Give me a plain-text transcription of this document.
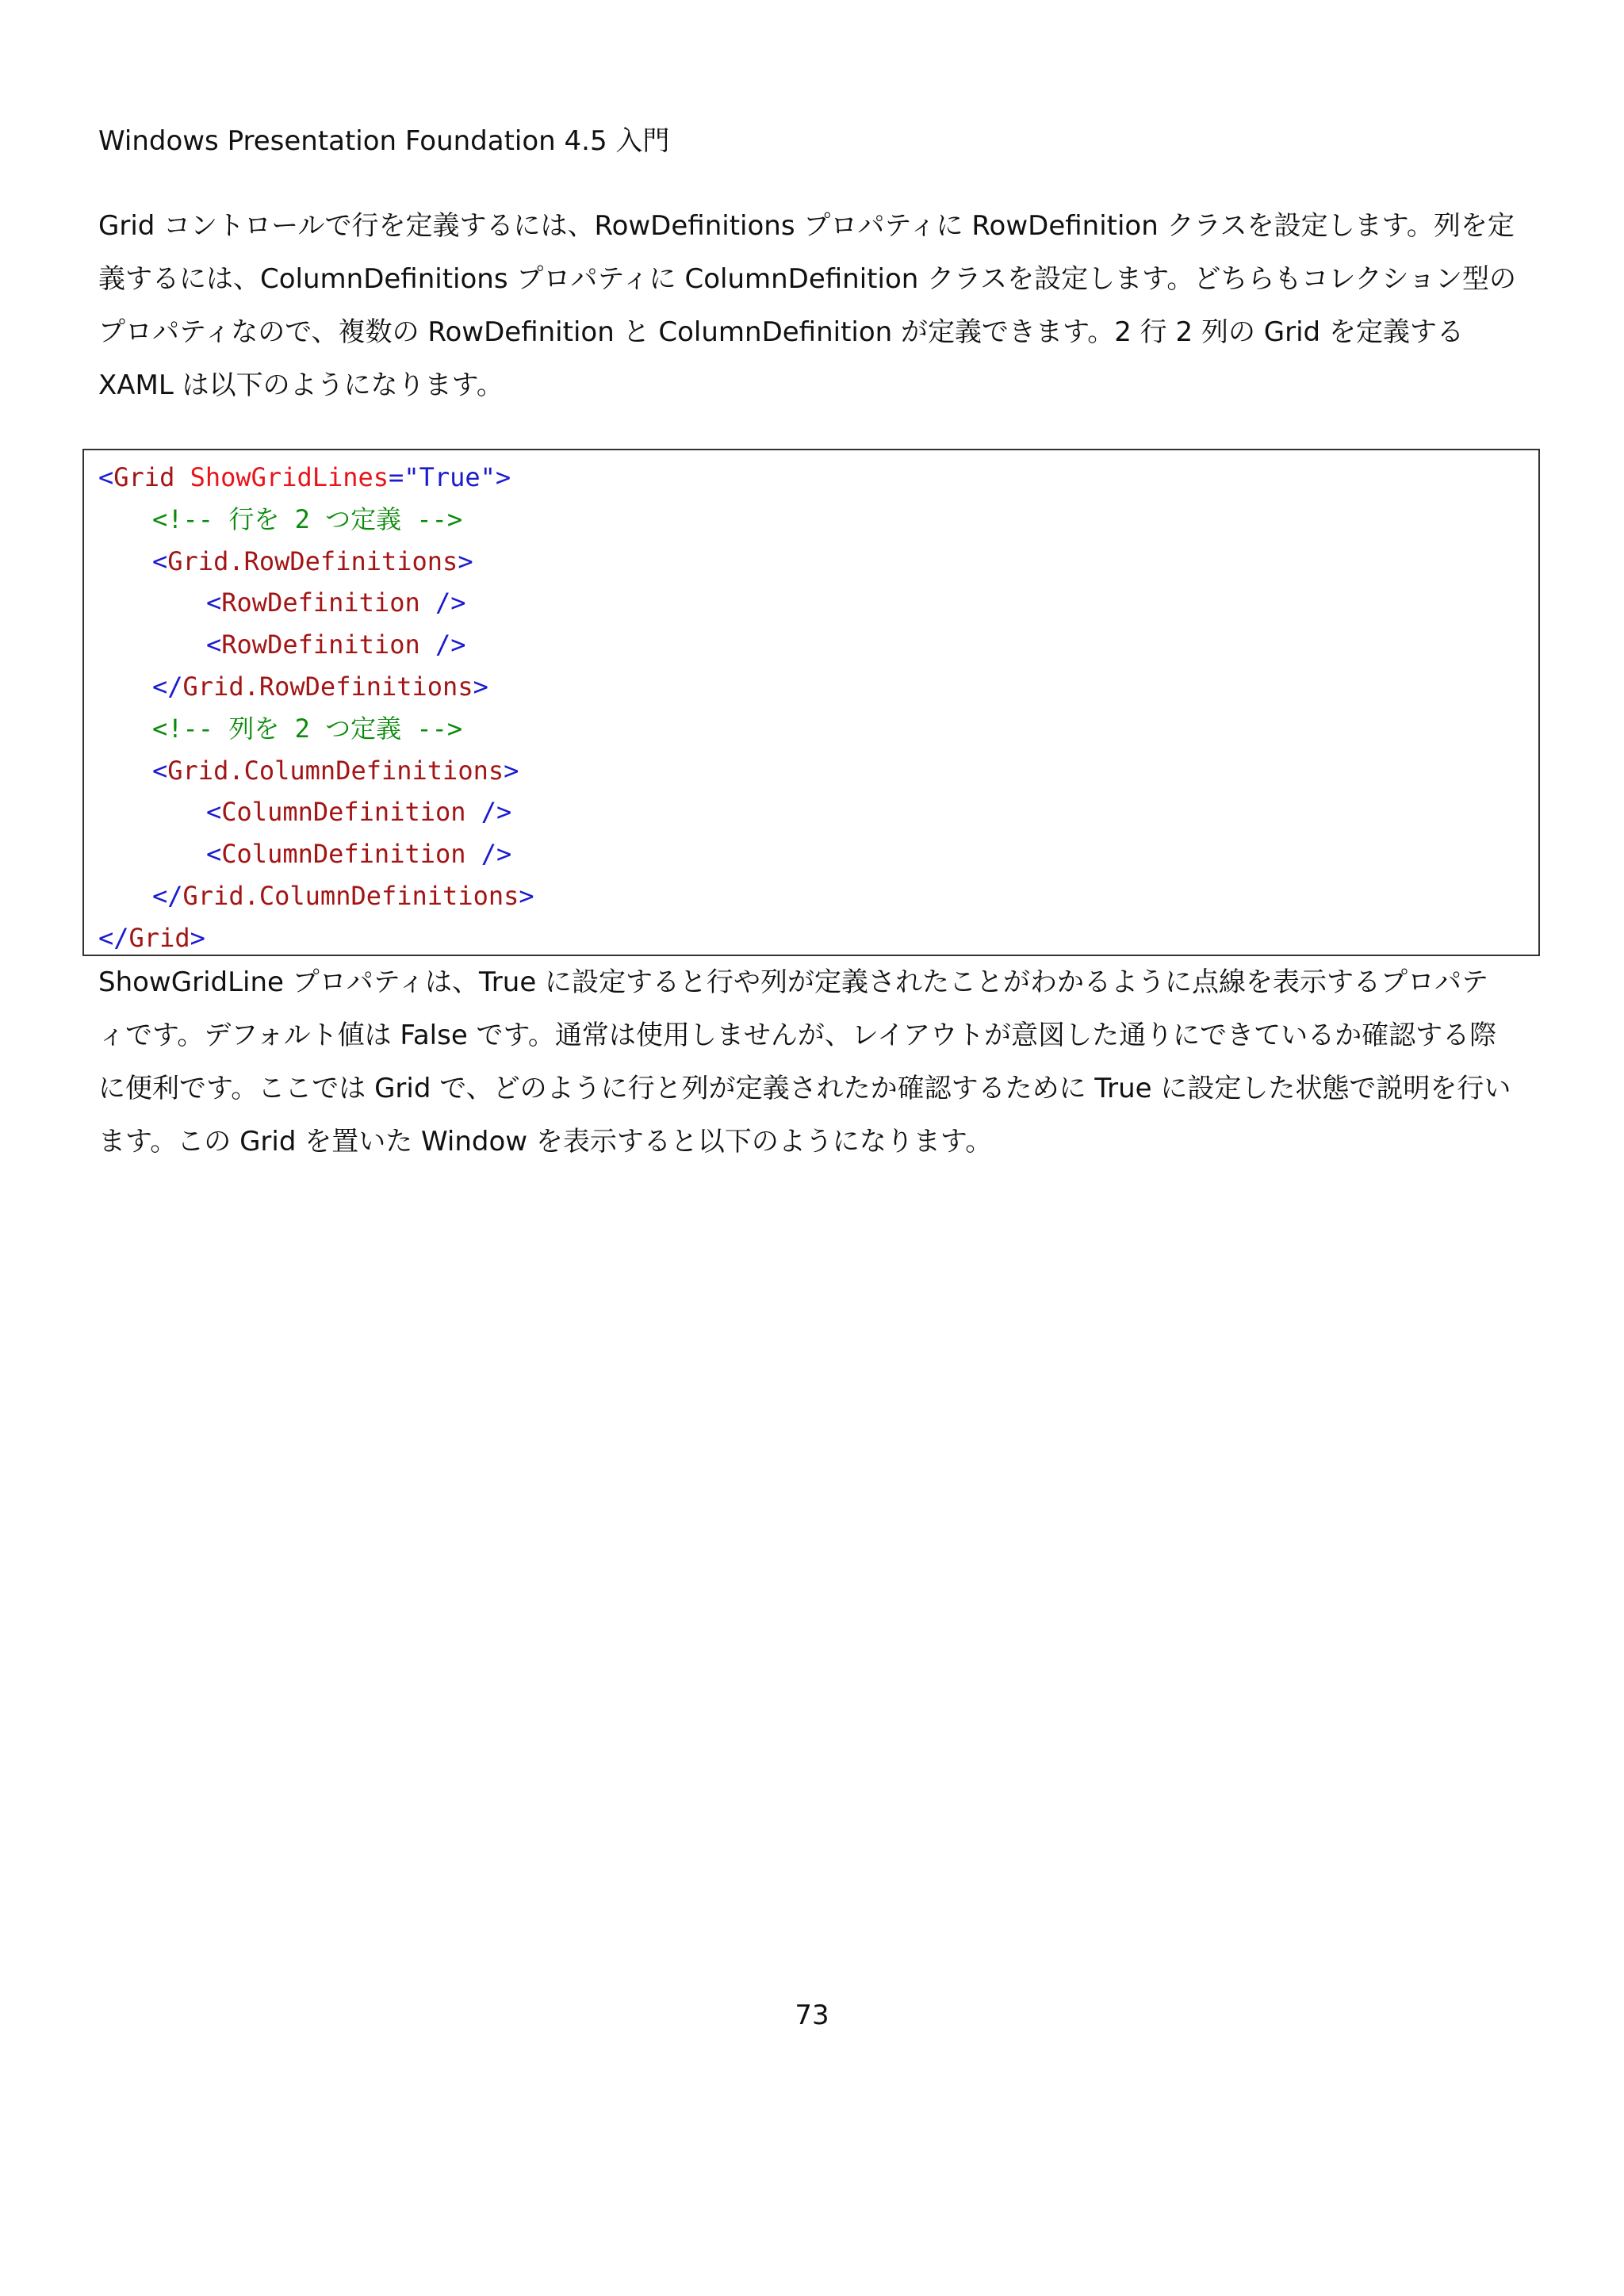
Windows Presentation Foundation 4.5 入門
Grid コントロールで行を定義するには、RowDefinitions プロパティに RowDefinition クラスを設定します。列を定
義するには、ColumnDefinitions プロパティに ColumnDefinition クラスを設定します。どちらもコレクション型の
プロパティなので、複数の RowDefinition と ColumnDefinition が定義できます。2 行 2 列の Grid を定義する
XAML は以下のようになります。
<Grid ShowGridLines="True">
<!-- 行を 2 つ定義 -->
<Grid.RowDefinitions>
<RowDefinition />
<RowDefinition />
</Grid.RowDefinitions>
<!-- 列を 2 つ定義 -->
<Grid.ColumnDefinitions>
<ColumnDefinition />
<ColumnDefinition />
</Grid.ColumnDefinitions>
</Grid>
ShowGridLine プロパティは、True に設定すると行や列が定義されたことがわかるように点線を表示するプロパテ
ィです。デフォルト値は False です。通常は使用しませんが、レイアウトが意図した通りにできているか確認する際
に便利です。ここでは Grid で、どのように行と列が定義されたか確認するために True に設定した状態で説明を行い
ます。この Grid を置いた Window を表示すると以下のようになります。
73
